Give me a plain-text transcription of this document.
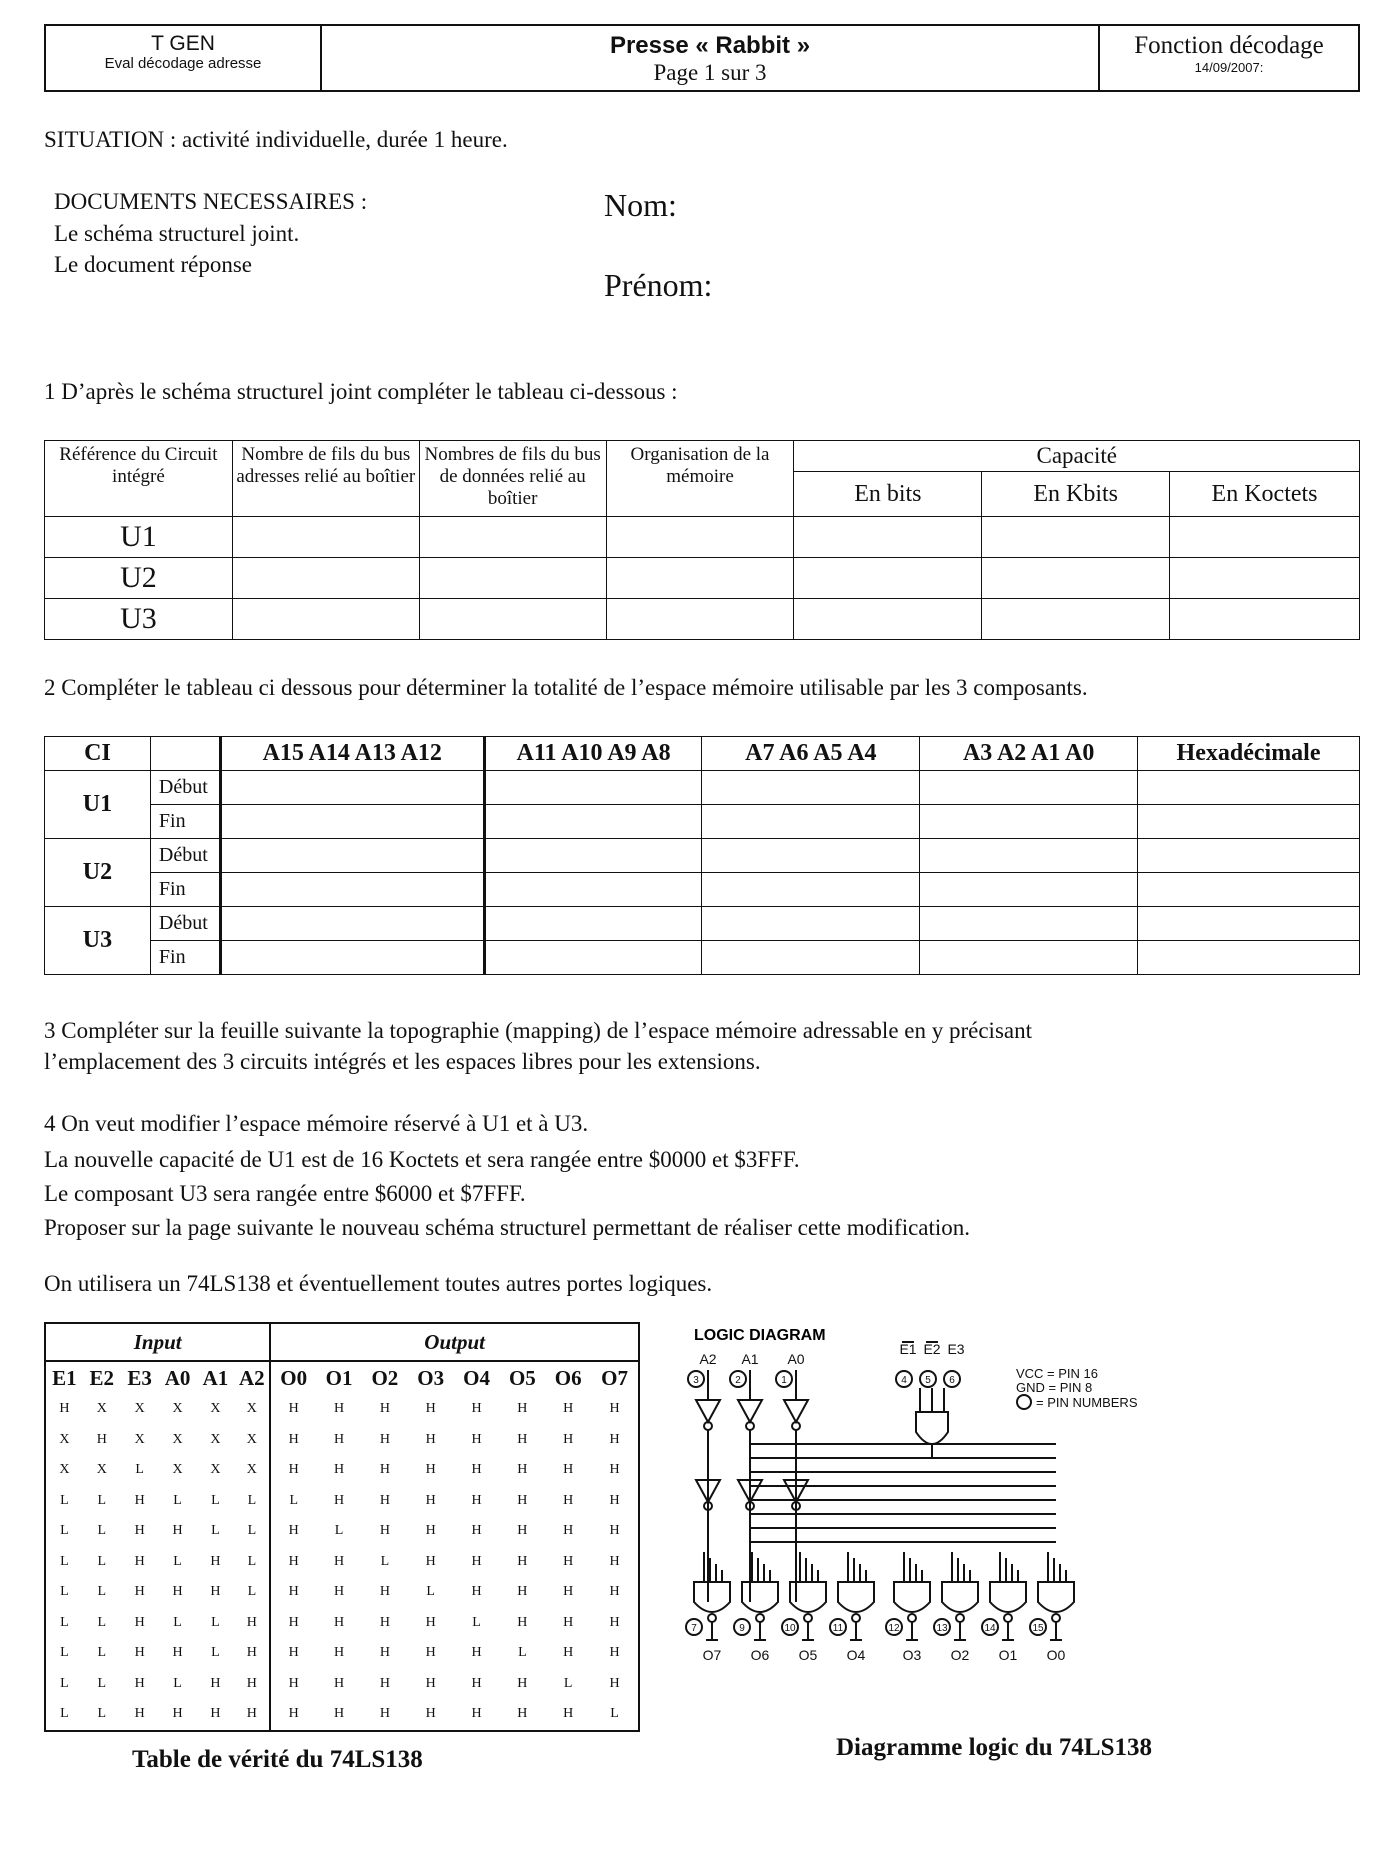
T GEN
Eval décodage adresse
Presse « Rabbit »
Page 1 sur 3
Fonction décodage
14/09/2007:
SITUATION : activité individuelle, durée 1 heure.
DOCUMENTS NECESSAIRES :
Le schéma structurel joint.
Le document réponse
Nom:
Prénom:
1 D’après le schéma structurel joint compléter le tableau ci-dessous :
Référence du Circuit intégré	Nombre de fils du bus adresses relié au boîtier	Nombres de fils du bus de données relié au boîtier	Organisation de la mémoire	Capacité		
				En bits	En Kbits	En Koctets
U1						
U2						
U3						
2 Compléter le tableau ci dessous pour déterminer la totalité de l’espace mémoire utilisable par les 3 composants.
CI		A15 A14 A13 A12	A11 A10 A9 A8	A7 A6 A5 A4	A3 A2 A1 A0	Hexadécimale
U1	Début					
	Fin					
U2	Début					
	Fin					
U3	Début					
	Fin					
3 Compléter sur la feuille suivante la topographie (mapping) de l’espace mémoire adressable en y précisant
l’emplacement des 3 circuits intégrés et les espaces libres pour les extensions.
4 On veut modifier l’espace mémoire réservé à U1 et à U3.
La nouvelle capacité de U1 est de 16 Koctets et sera rangée entre $0000 et $3FFF.
Le composant U3 sera rangée entre $6000 et $7FFF.
Proposer sur la page suivante le nouveau schéma structurel permettant de réaliser cette modification.
On utilisera un 74LS138 et éventuellement toutes autres portes logiques.
Input						Output							
E1	E2	E3	A0	A1	A2	O0	O1	O2	O3	O4	O5	O6	O7
H	X	X	X	X	X	H	H	H	H	H	H	H	H
X	H	X	X	X	X	H	H	H	H	H	H	H	H
X	X	L	X	X	X	H	H	H	H	H	H	H	H
L	L	H	L	L	L	L	H	H	H	H	H	H	H
L	L	H	H	L	L	H	L	H	H	H	H	H	H
L	L	H	L	H	L	H	H	L	H	H	H	H	H
L	L	H	H	H	L	H	H	H	L	H	H	H	H
L	L	H	L	L	H	H	H	H	H	L	H	H	H
L	L	H	H	L	H	H	H	H	H	H	L	H	H
L	L	H	L	H	H	H	H	H	H	H	H	L	H
L	L	H	H	H	H	H	H	H	H	H	H	H	L
Table de vérité du 74LS138
LOGIC DIAGRAM
A2
3
A1
2
A0
1
E1
4
E2
5
E3
6	VCC = PIN 16
GND = PIN 8
= PIN NUMBERS
7
O7
9
O6
10
O5
11
O4
12
O3
13
O2
14
O1
15
O0
Diagramme logic du 74LS138
